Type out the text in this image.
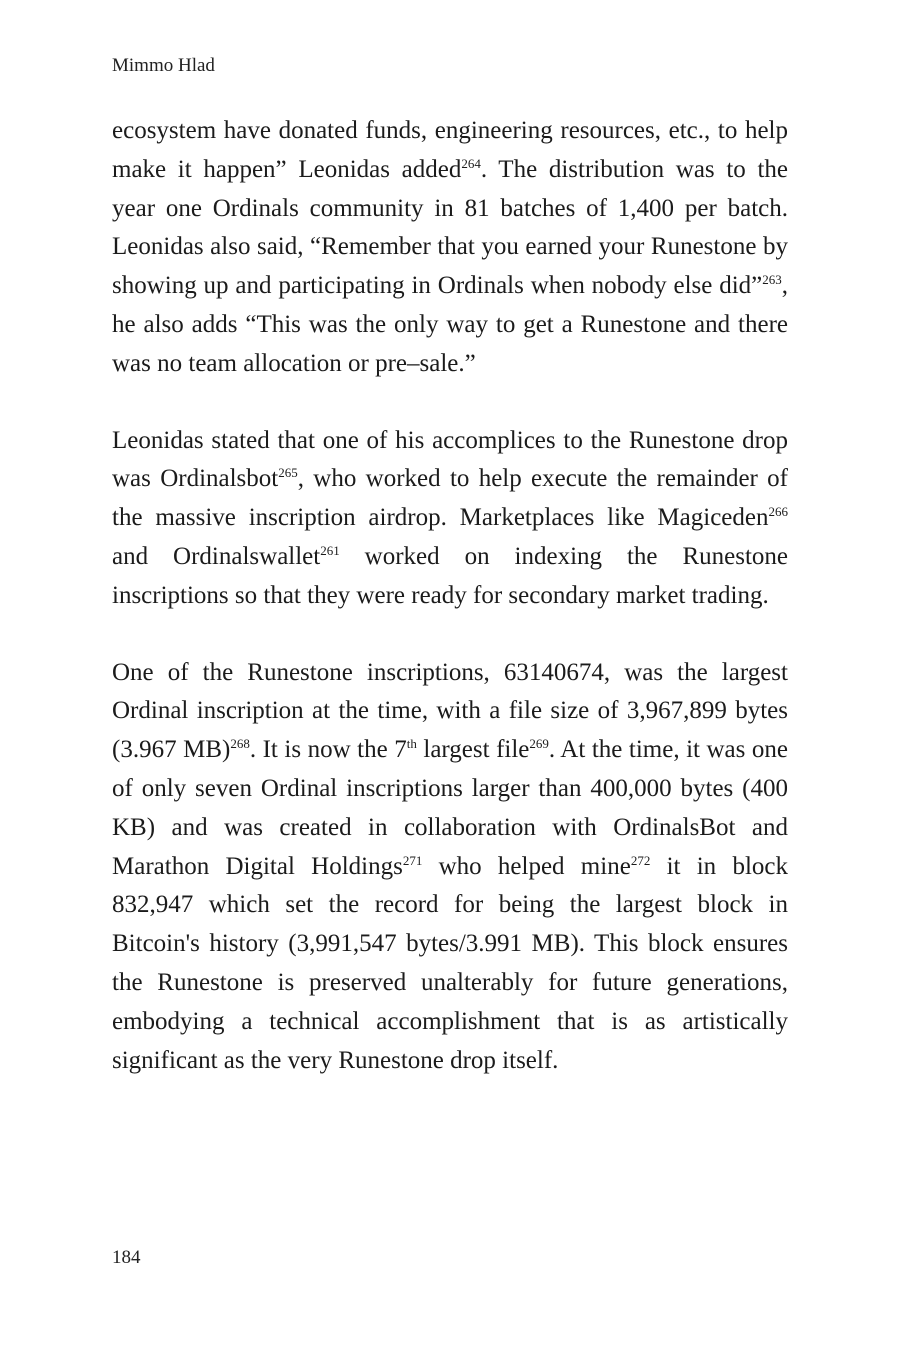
Mimmo Hlad

ecosystem have donated funds, engineering resources, etc., to help make it happen” Leonidas added$^{264}$. The distribution was to the year one Ordinals community in 81 batches of 1,400 per batch. Leonidas also said, “Remember that you earned your Runestone by showing up and participating in Ordinals when nobody else did”$^{263}$, he also adds “This was the only way to get a Runestone and there was no team allocation or pre–sale.”

Leonidas stated that one of his accomplices to the Runestone drop was Ordinalsbot$^{265}$, who worked to help execute the remainder of the massive inscription airdrop. Marketplaces like Magiceden$^{266}$ and Ordinalswallet$^{261}$ worked on indexing the Runestone inscriptions so that they were ready for secondary market trading.

One of the Runestone inscriptions, 63140674, was the largest Ordinal inscription at the time, with a file size of 3,967,899 bytes (3.967 MB)$^{268}$. It is now the 7th largest file$^{269}$. At the time, it was one of only seven Ordinal inscriptions larger than 400,000 bytes (400 KB) and was created in collaboration with OrdinalsBot and Marathon Digital Holdings$^{271}$ who helped mine$^{272}$ it in block 832,947 which set the record for being the largest block in Bitcoin's history (3,991,547 bytes/3.991 MB). This block ensures the Runestone is preserved unalterably for future generations, embodying a technical accomplishment that is as artistically significant as the very Runestone drop itself.

184
